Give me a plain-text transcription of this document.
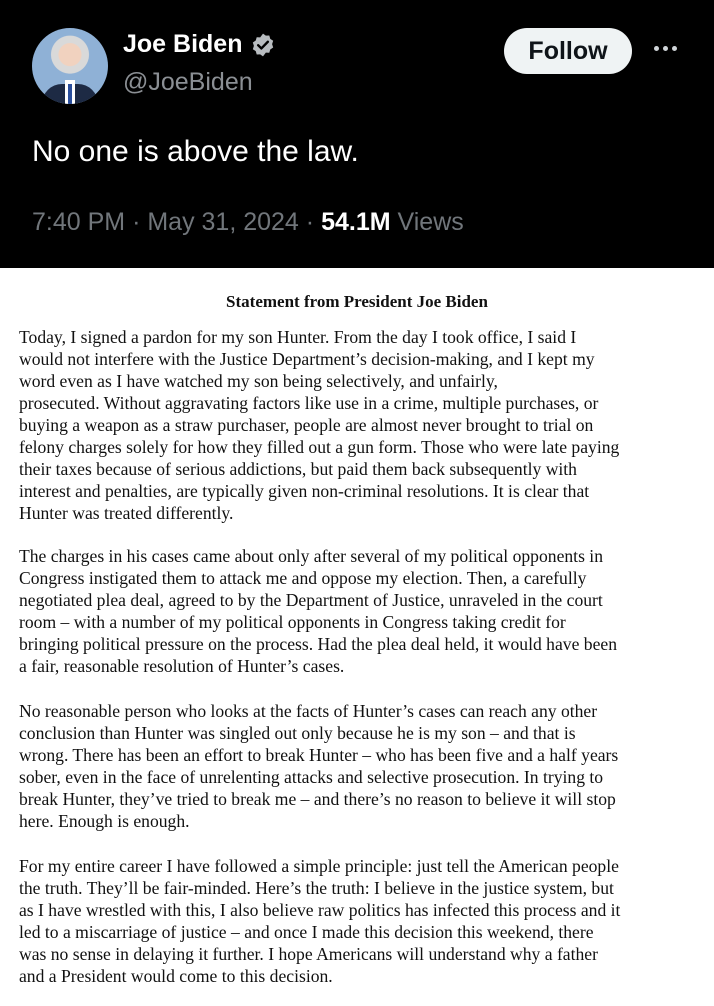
Joe Biden
@JoeBiden
Follow
No one is above the law.
7:40 PM · May 31, 2024 · 54.1M Views
Statement from President Joe Biden
Today, I signed a pardon for my son Hunter. From the day I took office, I said I
would not interfere with the Justice Department’s decision-making, and I kept my
word even as I have watched my son being selectively, and unfairly,
prosecuted. Without aggravating factors like use in a crime, multiple purchases, or
buying a weapon as a straw purchaser, people are almost never brought to trial on
felony charges solely for how they filled out a gun form. Those who were late paying
their taxes because of serious addictions, but paid them back subsequently with
interest and penalties, are typically given non-criminal resolutions. It is clear that
Hunter was treated differently.
The charges in his cases came about only after several of my political opponents in
Congress instigated them to attack me and oppose my election. Then, a carefully
negotiated plea deal, agreed to by the Department of Justice, unraveled in the court
room – with a number of my political opponents in Congress taking credit for
bringing political pressure on the process. Had the plea deal held, it would have been
a fair, reasonable resolution of Hunter’s cases.
No reasonable person who looks at the facts of Hunter’s cases can reach any other
conclusion than Hunter was singled out only because he is my son – and that is
wrong. There has been an effort to break Hunter – who has been five and a half years
sober, even in the face of unrelenting attacks and selective prosecution. In trying to
break Hunter, they’ve tried to break me – and there’s no reason to believe it will stop
here. Enough is enough.
For my entire career I have followed a simple principle: just tell the American people
the truth. They’ll be fair-minded. Here’s the truth: I believe in the justice system, but
as I have wrestled with this, I also believe raw politics has infected this process and it
led to a miscarriage of justice – and once I made this decision this weekend, there
was no sense in delaying it further. I hope Americans will understand why a father
and a President would come to this decision.
